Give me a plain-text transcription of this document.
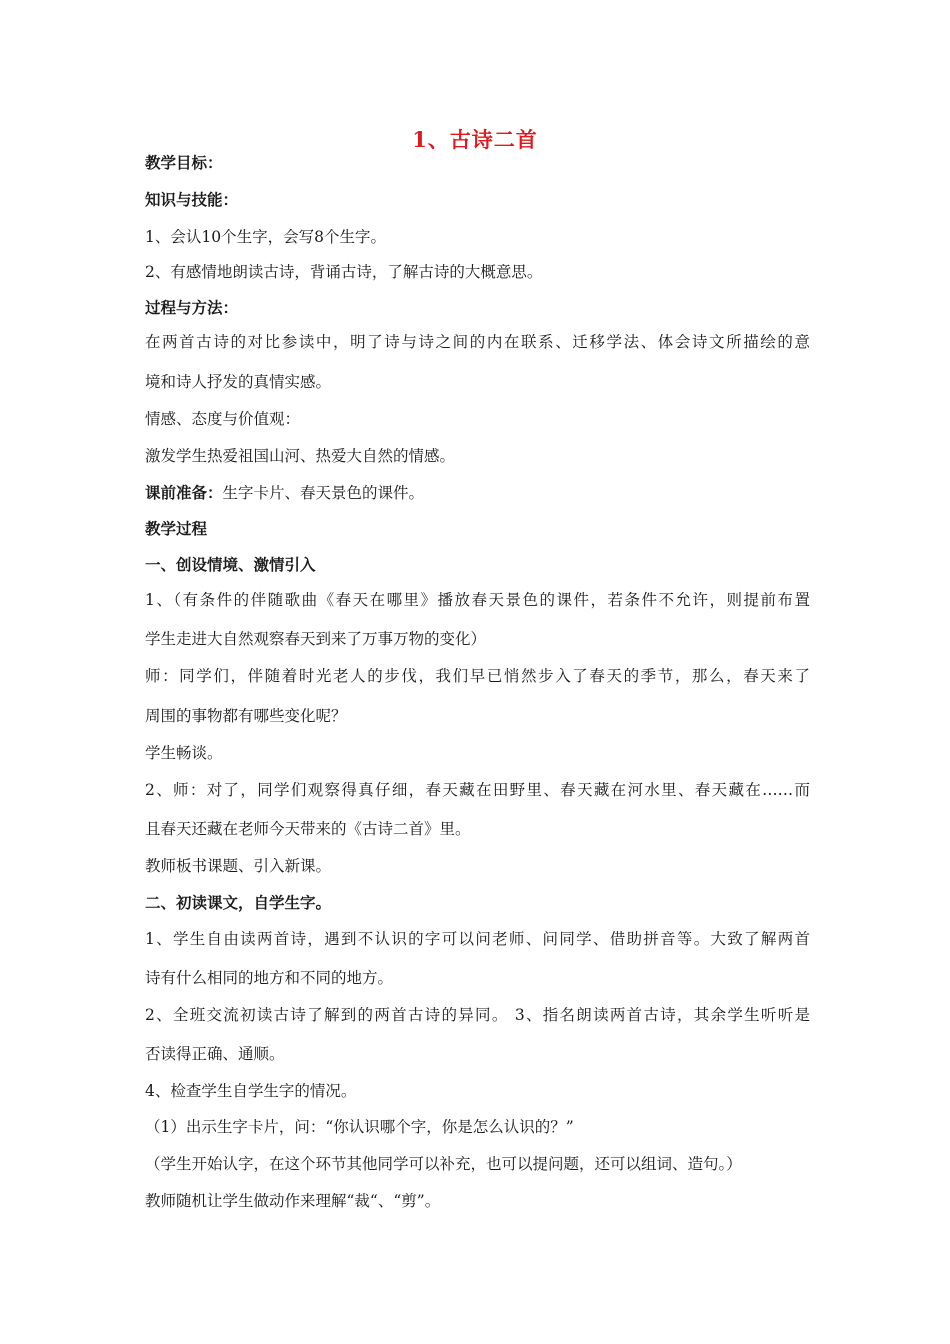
1、古诗二首
教学目标：
知识与技能：
1、会认10个生字，会写8个生字。
2、有感情地朗读古诗，背诵古诗，了解古诗的大概意思。
过程与方法：
在两首古诗的对比参读中，明了诗与诗之间的内在联系、迁移学法、体会诗文所描绘的意
境和诗人抒发的真情实感。
情感、态度与价值观：
激发学生热爱祖国山河、热爱大自然的情感。
课前准备：生字卡片、春天景色的课件。
教学过程
一、创设情境、激情引入
1、（有条件的伴随歌曲《春天在哪里》播放春天景色的课件，若条件不允许，则提前布置
学生走进大自然观察春天到来了万事万物的变化）
师：同学们，伴随着时光老人的步伐，我们早已悄然步入了春天的季节，那么，春天来了
周围的事物都有哪些变化呢？
学生畅谈。
2、师：对了，同学们观察得真仔细，春天藏在田野里、春天藏在河水里、春天藏在……而
且春天还藏在老师今天带来的《古诗二首》里。
教师板书课题、引入新课。
二、初读课文，自学生字。
1、学生自由读两首诗，遇到不认识的字可以问老师、问同学、借助拼音等。大致了解两首
诗有什么相同的地方和不同的地方。
2、全班交流初读古诗了解到的两首古诗的异同。 3、指名朗读两首古诗，其余学生听听是
否读得正确、通顺。
4、检查学生自学生字的情况。
（1）出示生字卡片，问：“你认识哪个字，你是怎么认识的？”
（学生开始认字，在这个环节其他同学可以补充，也可以提问题，还可以组词、造句。）
教师随机让学生做动作来理解“裁“、“剪”。
